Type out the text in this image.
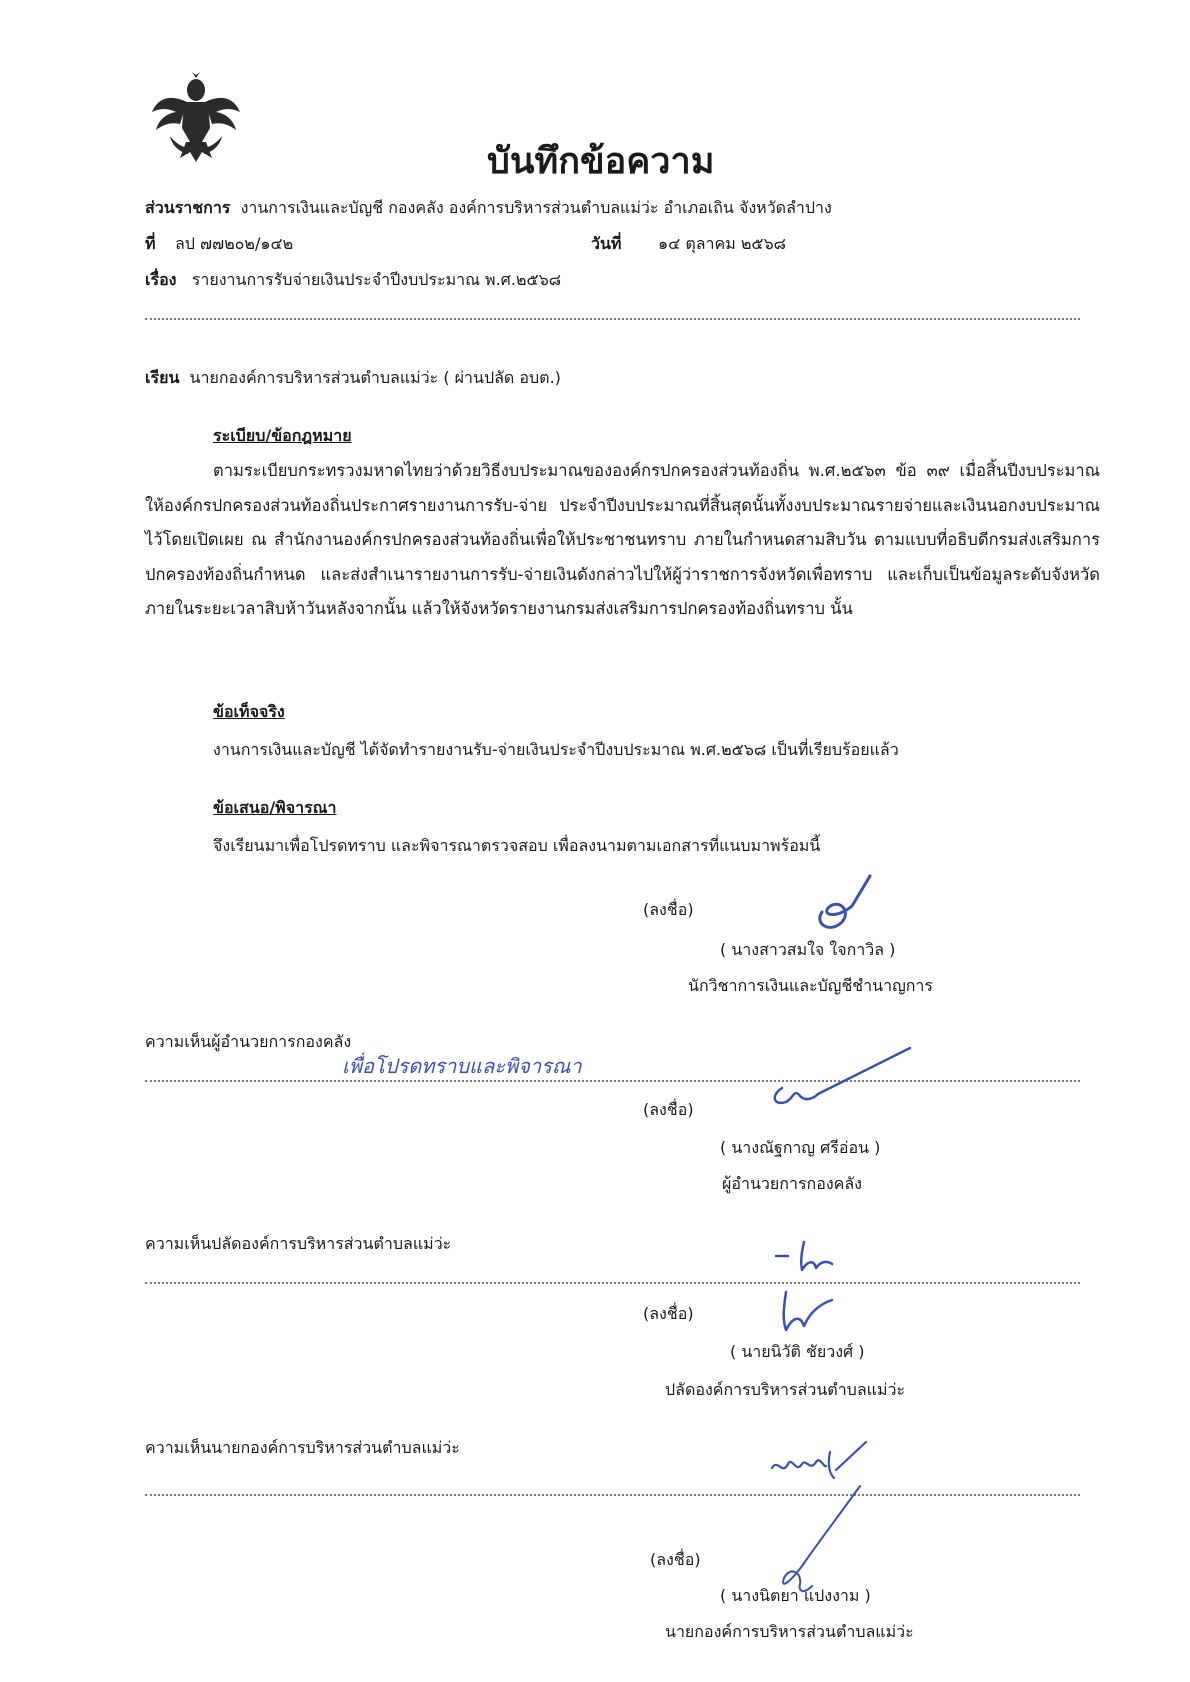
บันทึกข้อความ
ส่วนราชการ งานการเงินและบัญชี กองคลัง องค์การบริหารส่วนตำบลแม่ว่ะ อำเภอเถิน จังหวัดลำปาง
ที่ ลป ๗๗๒๐๒/๑๔๒	วันที่ ๑๔ ตุลาคม ๒๕๖๘
เรื่อง รายงานการรับจ่ายเงินประจำปีงบประมาณ พ.ศ.๒๕๖๘
เรียน นายกองค์การบริหารส่วนตำบลแม่ว่ะ ( ผ่านปลัด อบต.)
ระเบียบ/ข้อกฎหมาย
ตามระเบียบกระทรวงมหาดไทยว่าด้วยวิธีงบประมาณขององค์กรปกครองส่วนท้องถิ่น พ.ศ.๒๕๖๓ ข้อ ๓๙ เมื่อสิ้นปีงบประมาณให้องค์กรปกครองส่วนท้องถิ่นประกาศรายงานการรับ-จ่าย ประจำปีงบประมาณที่สิ้นสุดนั้นทั้งงบประมาณรายจ่ายและเงินนอกงบประมาณไว้โดยเปิดเผย ณ สำนักงานองค์กรปกครองส่วนท้องถิ่นเพื่อให้ประชาชนทราบ ภายในกำหนดสามสิบวัน ตามแบบที่อธิบดีกรมส่งเสริมการปกครองท้องถิ่นกำหนด และส่งสำเนารายงานการรับ-จ่ายเงินดังกล่าวไปให้ผู้ว่าราชการจังหวัดเพื่อทราบ และเก็บเป็นข้อมูลระดับจังหวัดภายในระยะเวลาสิบห้าวันหลังจากนั้น แล้วให้จังหวัดรายงานกรมส่งเสริมการปกครองท้องถิ่นทราบ นั้น
ข้อเท็จจริง
งานการเงินและบัญชี ได้จัดทำรายงานรับ-จ่ายเงินประจำปีงบประมาณ พ.ศ.๒๕๖๘ เป็นที่เรียบร้อยแล้ว
ข้อเสนอ/พิจารณา
จึงเรียนมาเพื่อโปรดทราบ และพิจารณาตรวจสอบ เพื่อลงนามตามเอกสารที่แนบมาพร้อมนี้
(ลงชื่อ)
( นางสาวสมใจ ใจกาวิล )
นักวิชาการเงินและบัญชีชำนาญการ
ความเห็นผู้อำนวยการกองคลัง
เพื่อโปรดทราบและพิจารณา
(ลงชื่อ)
( นางณัฐกาญ ศรีอ่อน )
ผู้อำนวยการกองคลัง
ความเห็นปลัดองค์การบริหารส่วนตำบลแม่ว่ะ
(ลงชื่อ)
( นายนิวัติ ชัยวงศ์ )
ปลัดองค์การบริหารส่วนตำบลแม่ว่ะ
ความเห็นนายกองค์การบริหารส่วนตำบลแม่ว่ะ
(ลงชื่อ)
( นางนิตยา แปงงาม )
นายกองค์การบริหารส่วนตำบลแม่ว่ะ
